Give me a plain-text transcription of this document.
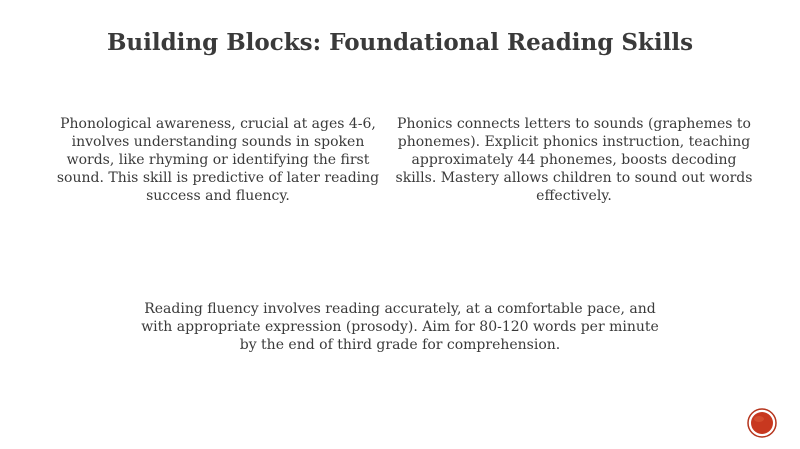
Building Blocks: Foundational Reading Skills
Phonological awareness, crucial at ages 4-6, involves understanding sounds in spoken words, like rhyming or identifying the first sound. This skill is predictive of later reading success and fluency.
Phonics connects letters to sounds (graphemes to phonemes). Explicit phonics instruction, teaching approximately 44 phonemes, boosts decoding skills. Mastery allows children to sound out words effectively.
Reading fluency involves reading accurately, at a comfortable pace, and with appropriate expression (prosody). Aim for 80-120 words per minute by the end of third grade for comprehension.
